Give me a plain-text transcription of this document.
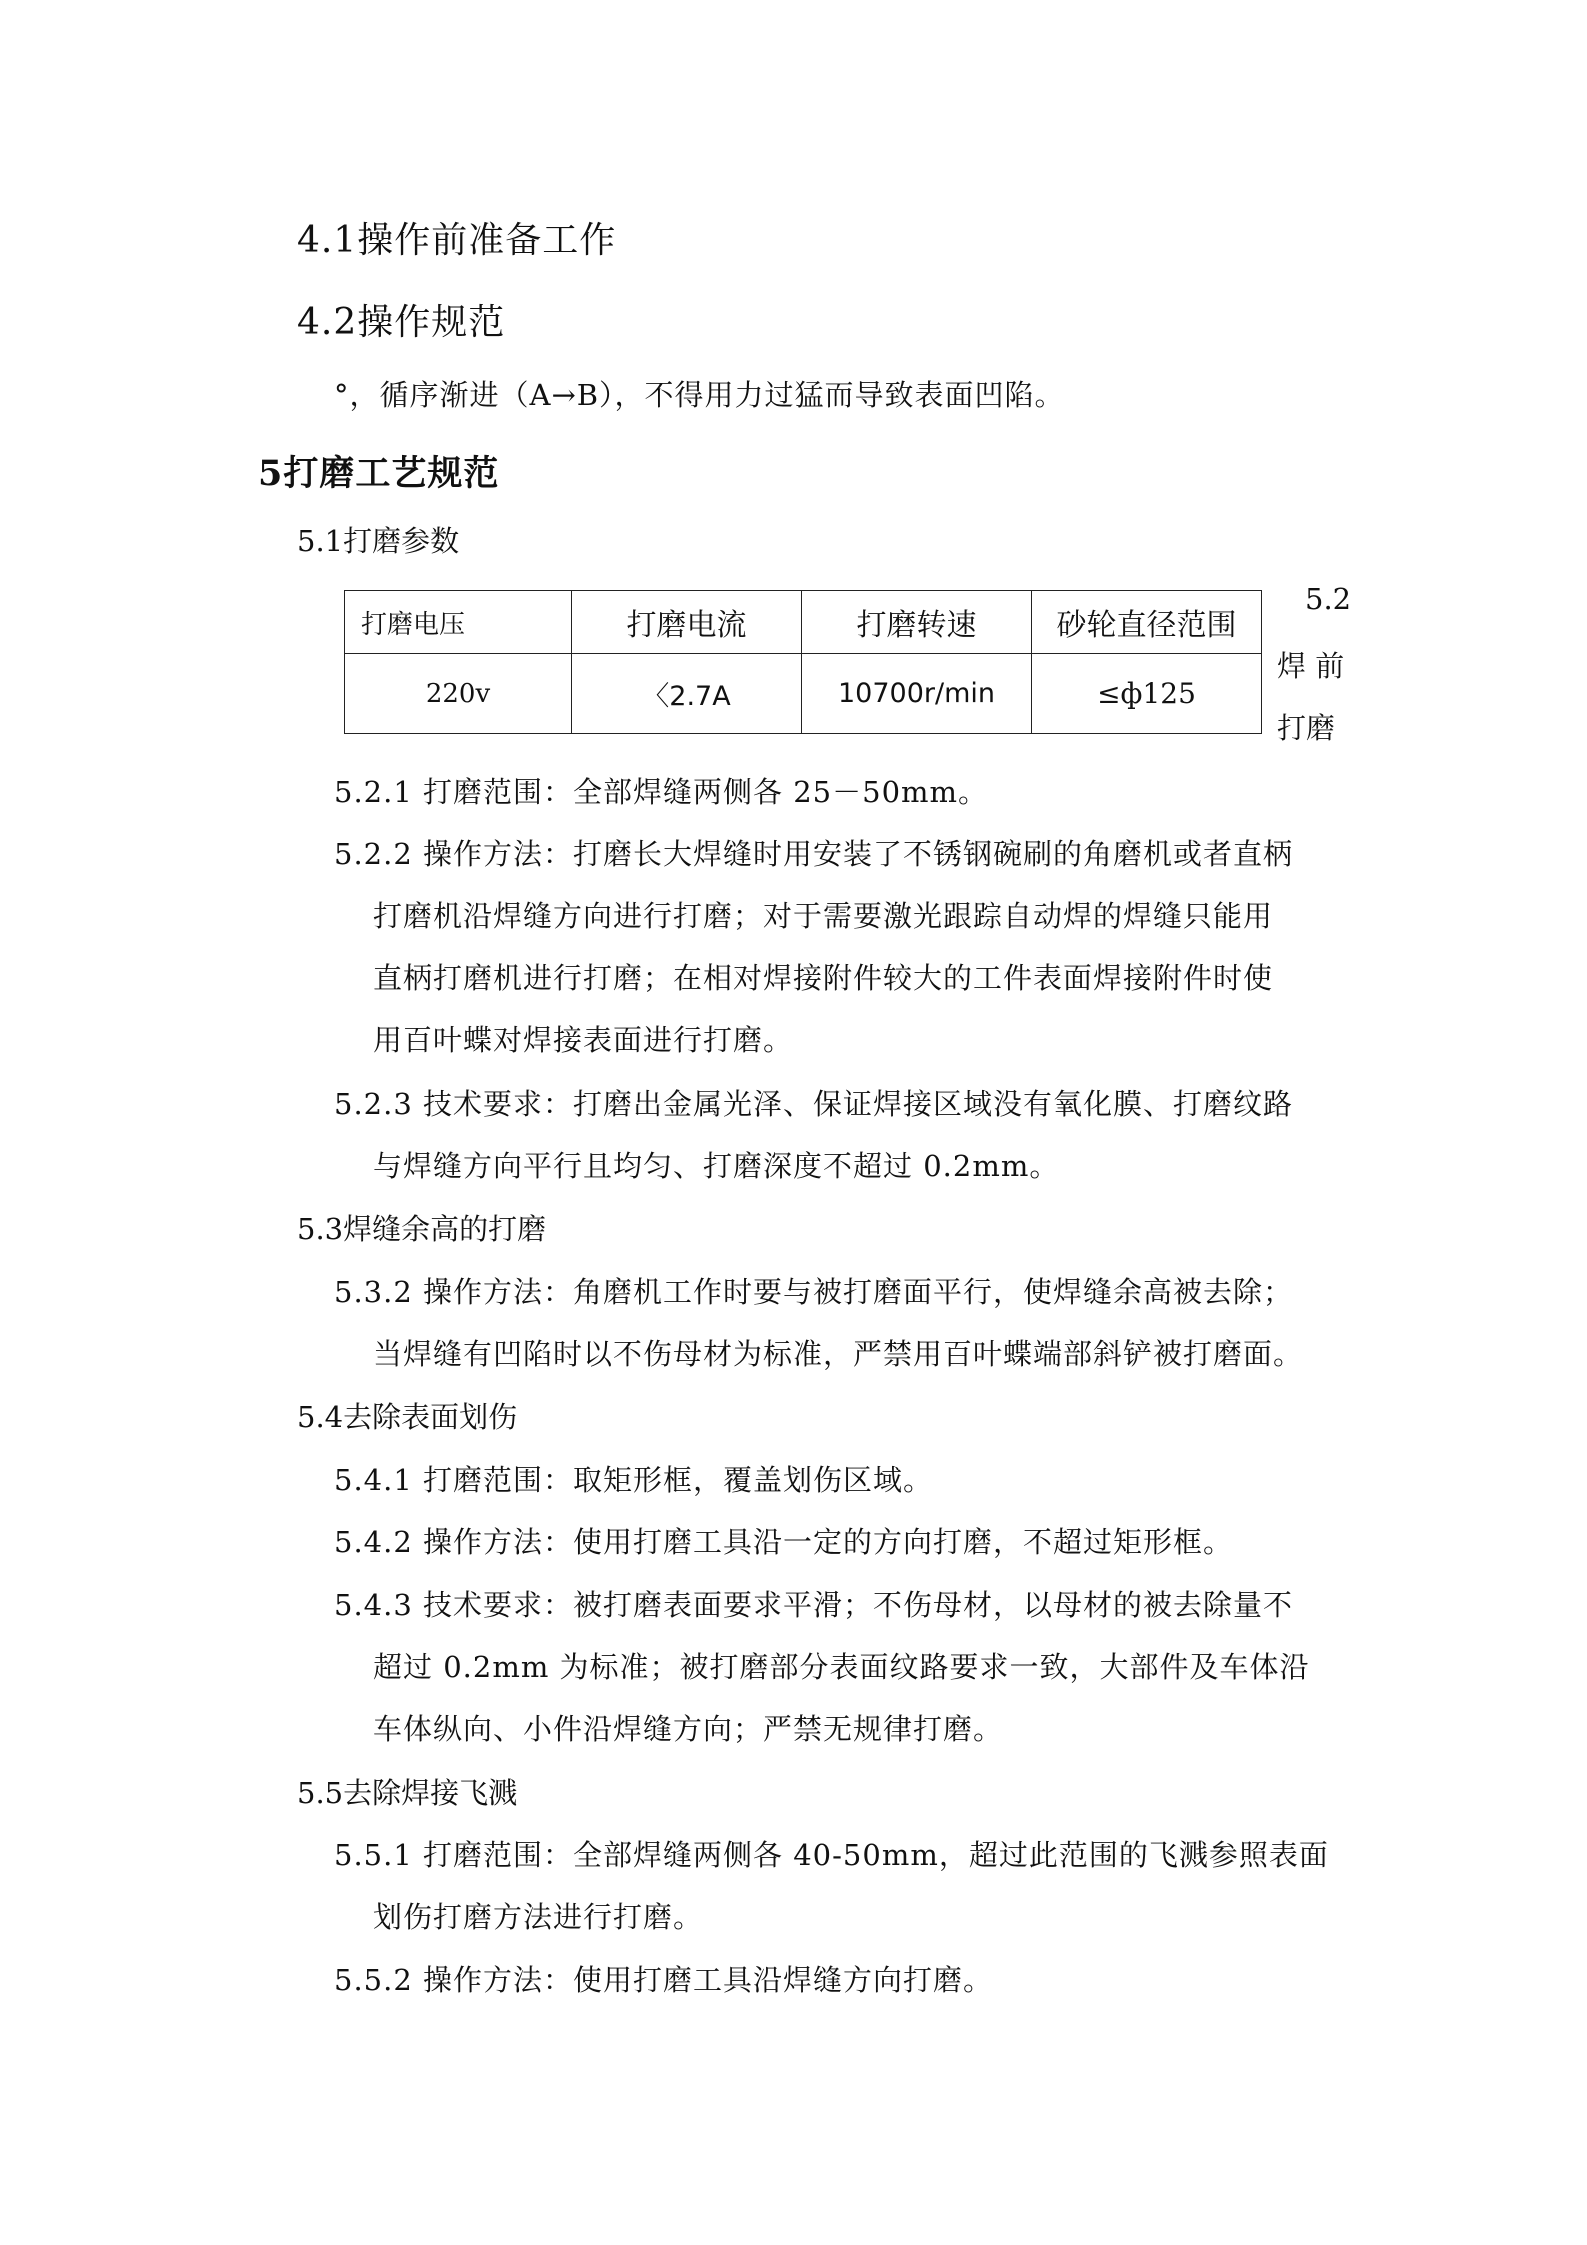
4.1操作前准备工作
4.2操作规范
°，循序渐进（A→B），不得用力过猛而导致表面凹陷。
5打磨工艺规范
5.1打磨参数
打磨电压	打磨电流	打磨转速	砂轮直径范围
220v	〈2.7A	10700r/min	≤ф125
5.2
焊 前
打磨
5.2.1 打磨范围：全部焊缝两侧各 25－50mm。
5.2.2 操作方法：打磨长大焊缝时用安装了不锈钢碗刷的角磨机或者直柄
打磨机沿焊缝方向进行打磨；对于需要激光跟踪自动焊的焊缝只能用
直柄打磨机进行打磨；在相对焊接附件较大的工件表面焊接附件时使
用百叶蝶对焊接表面进行打磨。
5.2.3 技术要求：打磨出金属光泽、保证焊接区域没有氧化膜、打磨纹路
与焊缝方向平行且均匀、打磨深度不超过 0.2mm。
5.3焊缝余高的打磨
5.3.2 操作方法：角磨机工作时要与被打磨面平行，使焊缝余高被去除；
当焊缝有凹陷时以不伤母材为标准，严禁用百叶蝶端部斜铲被打磨面。
5.4去除表面划伤
5.4.1 打磨范围：取矩形框，覆盖划伤区域。
5.4.2 操作方法：使用打磨工具沿一定的方向打磨，不超过矩形框。
5.4.3 技术要求：被打磨表面要求平滑；不伤母材，以母材的被去除量不
超过 0.2mm 为标准；被打磨部分表面纹路要求一致，大部件及车体沿
车体纵向、小件沿焊缝方向；严禁无规律打磨。
5.5去除焊接飞溅
5.5.1 打磨范围：全部焊缝两侧各 40-50mm，超过此范围的飞溅参照表面
划伤打磨方法进行打磨。
5.5.2 操作方法：使用打磨工具沿焊缝方向打磨。
